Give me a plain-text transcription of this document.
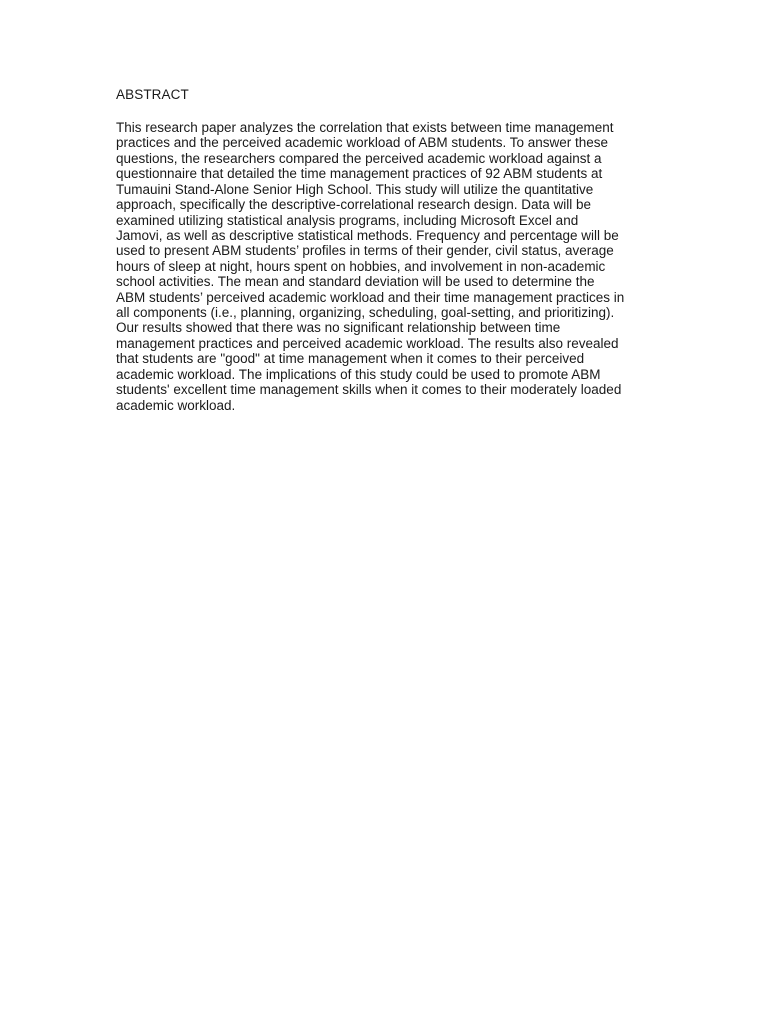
ABSTRACT
This research paper analyzes the correlation that exists between time management
practices and the perceived academic workload of ABM students. To answer these
questions, the researchers compared the perceived academic workload against a
questionnaire that detailed the time management practices of 92 ABM students at
Tumauini Stand-Alone Senior High School. This study will utilize the quantitative
approach, specifically the descriptive-correlational research design. Data will be
examined utilizing statistical analysis programs, including Microsoft Excel and
Jamovi, as well as descriptive statistical methods. Frequency and percentage will be
used to present ABM students’ profiles in terms of their gender, civil status, average
hours of sleep at night, hours spent on hobbies, and involvement in non-academic
school activities. The mean and standard deviation will be used to determine the
ABM students’ perceived academic workload and their time management practices in
all components (i.e., planning, organizing, scheduling, goal-setting, and prioritizing).
Our results showed that there was no significant relationship between time
management practices and perceived academic workload. The results also revealed
that students are "good" at time management when it comes to their perceived
academic workload. The implications of this study could be used to promote ABM
students' excellent time management skills when it comes to their moderately loaded
academic workload.
